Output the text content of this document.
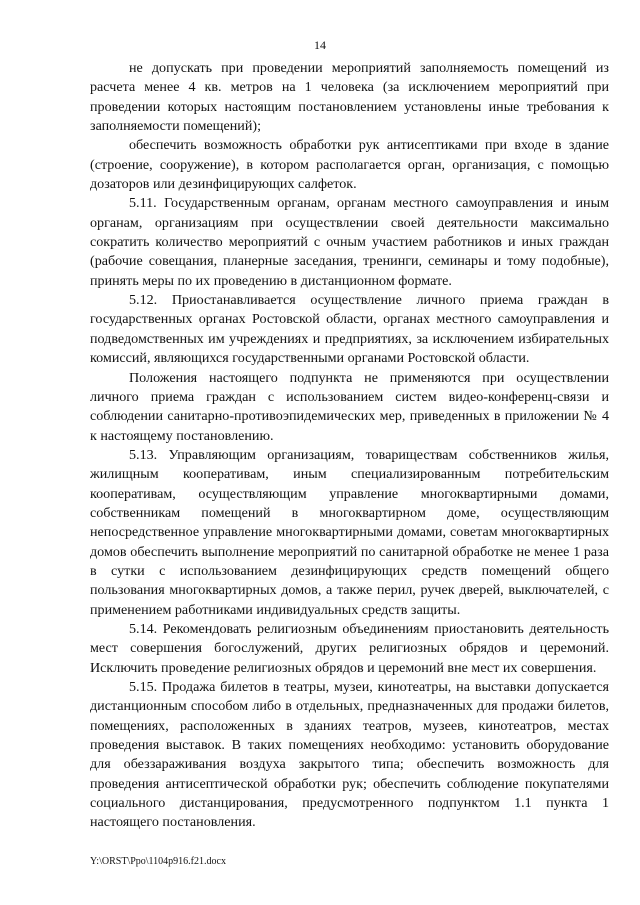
14

не допускать при проведении мероприятий заполняемость помещений из расчета менее 4 кв. метров на 1 человека (за исключением мероприятий при проведении которых настоящим постановлением установлены иные требования к заполняемости помещений);

обеспечить возможность обработки рук антисептиками при входе в здание (строение, сооружение), в котором располагается орган, организация, с помощью дозаторов или дезинфицирующих салфеток.

5.11. Государственным органам, органам местного самоуправления и иным органам, организациям при осуществлении своей деятельности максимально сократить количество мероприятий с очным участием работников и иных граждан (рабочие совещания, планерные заседания, тренинги, семинары и тому подобные), принять меры по их проведению в дистанционном формате.

5.12. Приостанавливается осуществление личного приема граждан в государственных органах Ростовской области, органах местного самоуправления и подведомственных им учреждениях и предприятиях, за исключением избирательных комиссий, являющихся государственными органами Ростовской области.

Положения настоящего подпункта не применяются при осуществлении личного приема граждан с использованием систем видео-конференц-связи и соблюдении санитарно-противоэпидемических мер, приведенных в приложении № 4 к настоящему постановлению.

5.13. Управляющим организациям, товариществам собственников жилья, жилищным кооперативам, иным специализированным потребительским кооперативам, осуществляющим управление многоквартирными домами, собственникам помещений в многоквартирном доме, осуществляющим непосредственное управление многоквартирными домами, советам многоквартирных домов обеспечить выполнение мероприятий по санитарной обработке не менее 1 раза в сутки с использованием дезинфицирующих средств помещений общего пользования многоквартирных домов, а также перил, ручек дверей, выключателей, с применением работниками индивидуальных средств защиты.

5.14. Рекомендовать религиозным объединениям приостановить деятельность мест совершения богослужений, других религиозных обрядов и церемоний. Исключить проведение религиозных обрядов и церемоний вне мест их совершения.

5.15. Продажа билетов в театры, музеи, кинотеатры, на выставки допускается дистанционным способом либо в отдельных, предназначенных для продажи билетов, помещениях, расположенных в зданиях театров, музеев, кинотеатров, местах проведения выставок. В таких помещениях необходимо: установить оборудование для обеззараживания воздуха закрытого типа; обеспечить возможность для проведения антисептической обработки рук; обеспечить соблюдение покупателями социального дистанцирования, предусмотренного подпунктом 1.1 пункта 1 настоящего постановления.

Y:\ORST\Ppo\1104p916.f21.docx
